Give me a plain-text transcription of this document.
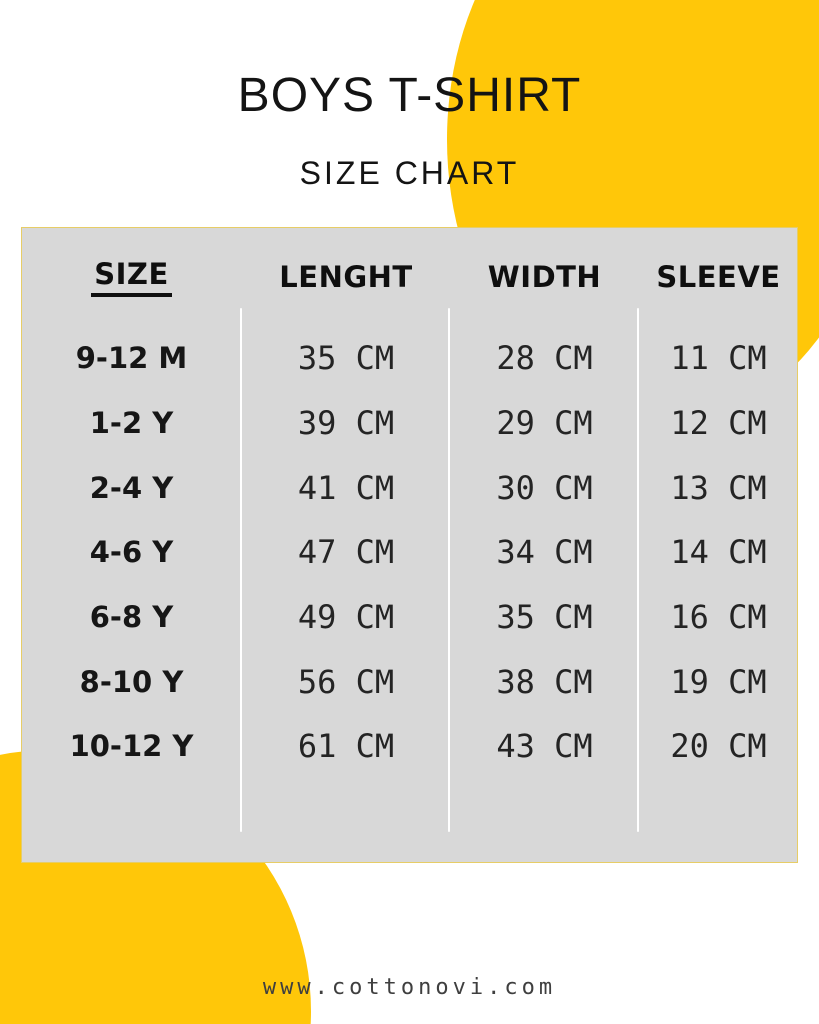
BOYS T-SHIRT
SIZE CHART
SIZE	LENGHT	WIDTH	SLEEVE
9-12 M	35 CM	28 CM	11 CM
1-2 Y	39 CM	29 CM	12 CM
2-4 Y	41 CM	30 CM	13 CM
4-6 Y	47 CM	34 CM	14 CM
6-8 Y	49 CM	35 CM	16 CM
8-10 Y	56 CM	38 CM	19 CM
10-12 Y	61 CM	43 CM	20 CM
www.cottonovi.com
